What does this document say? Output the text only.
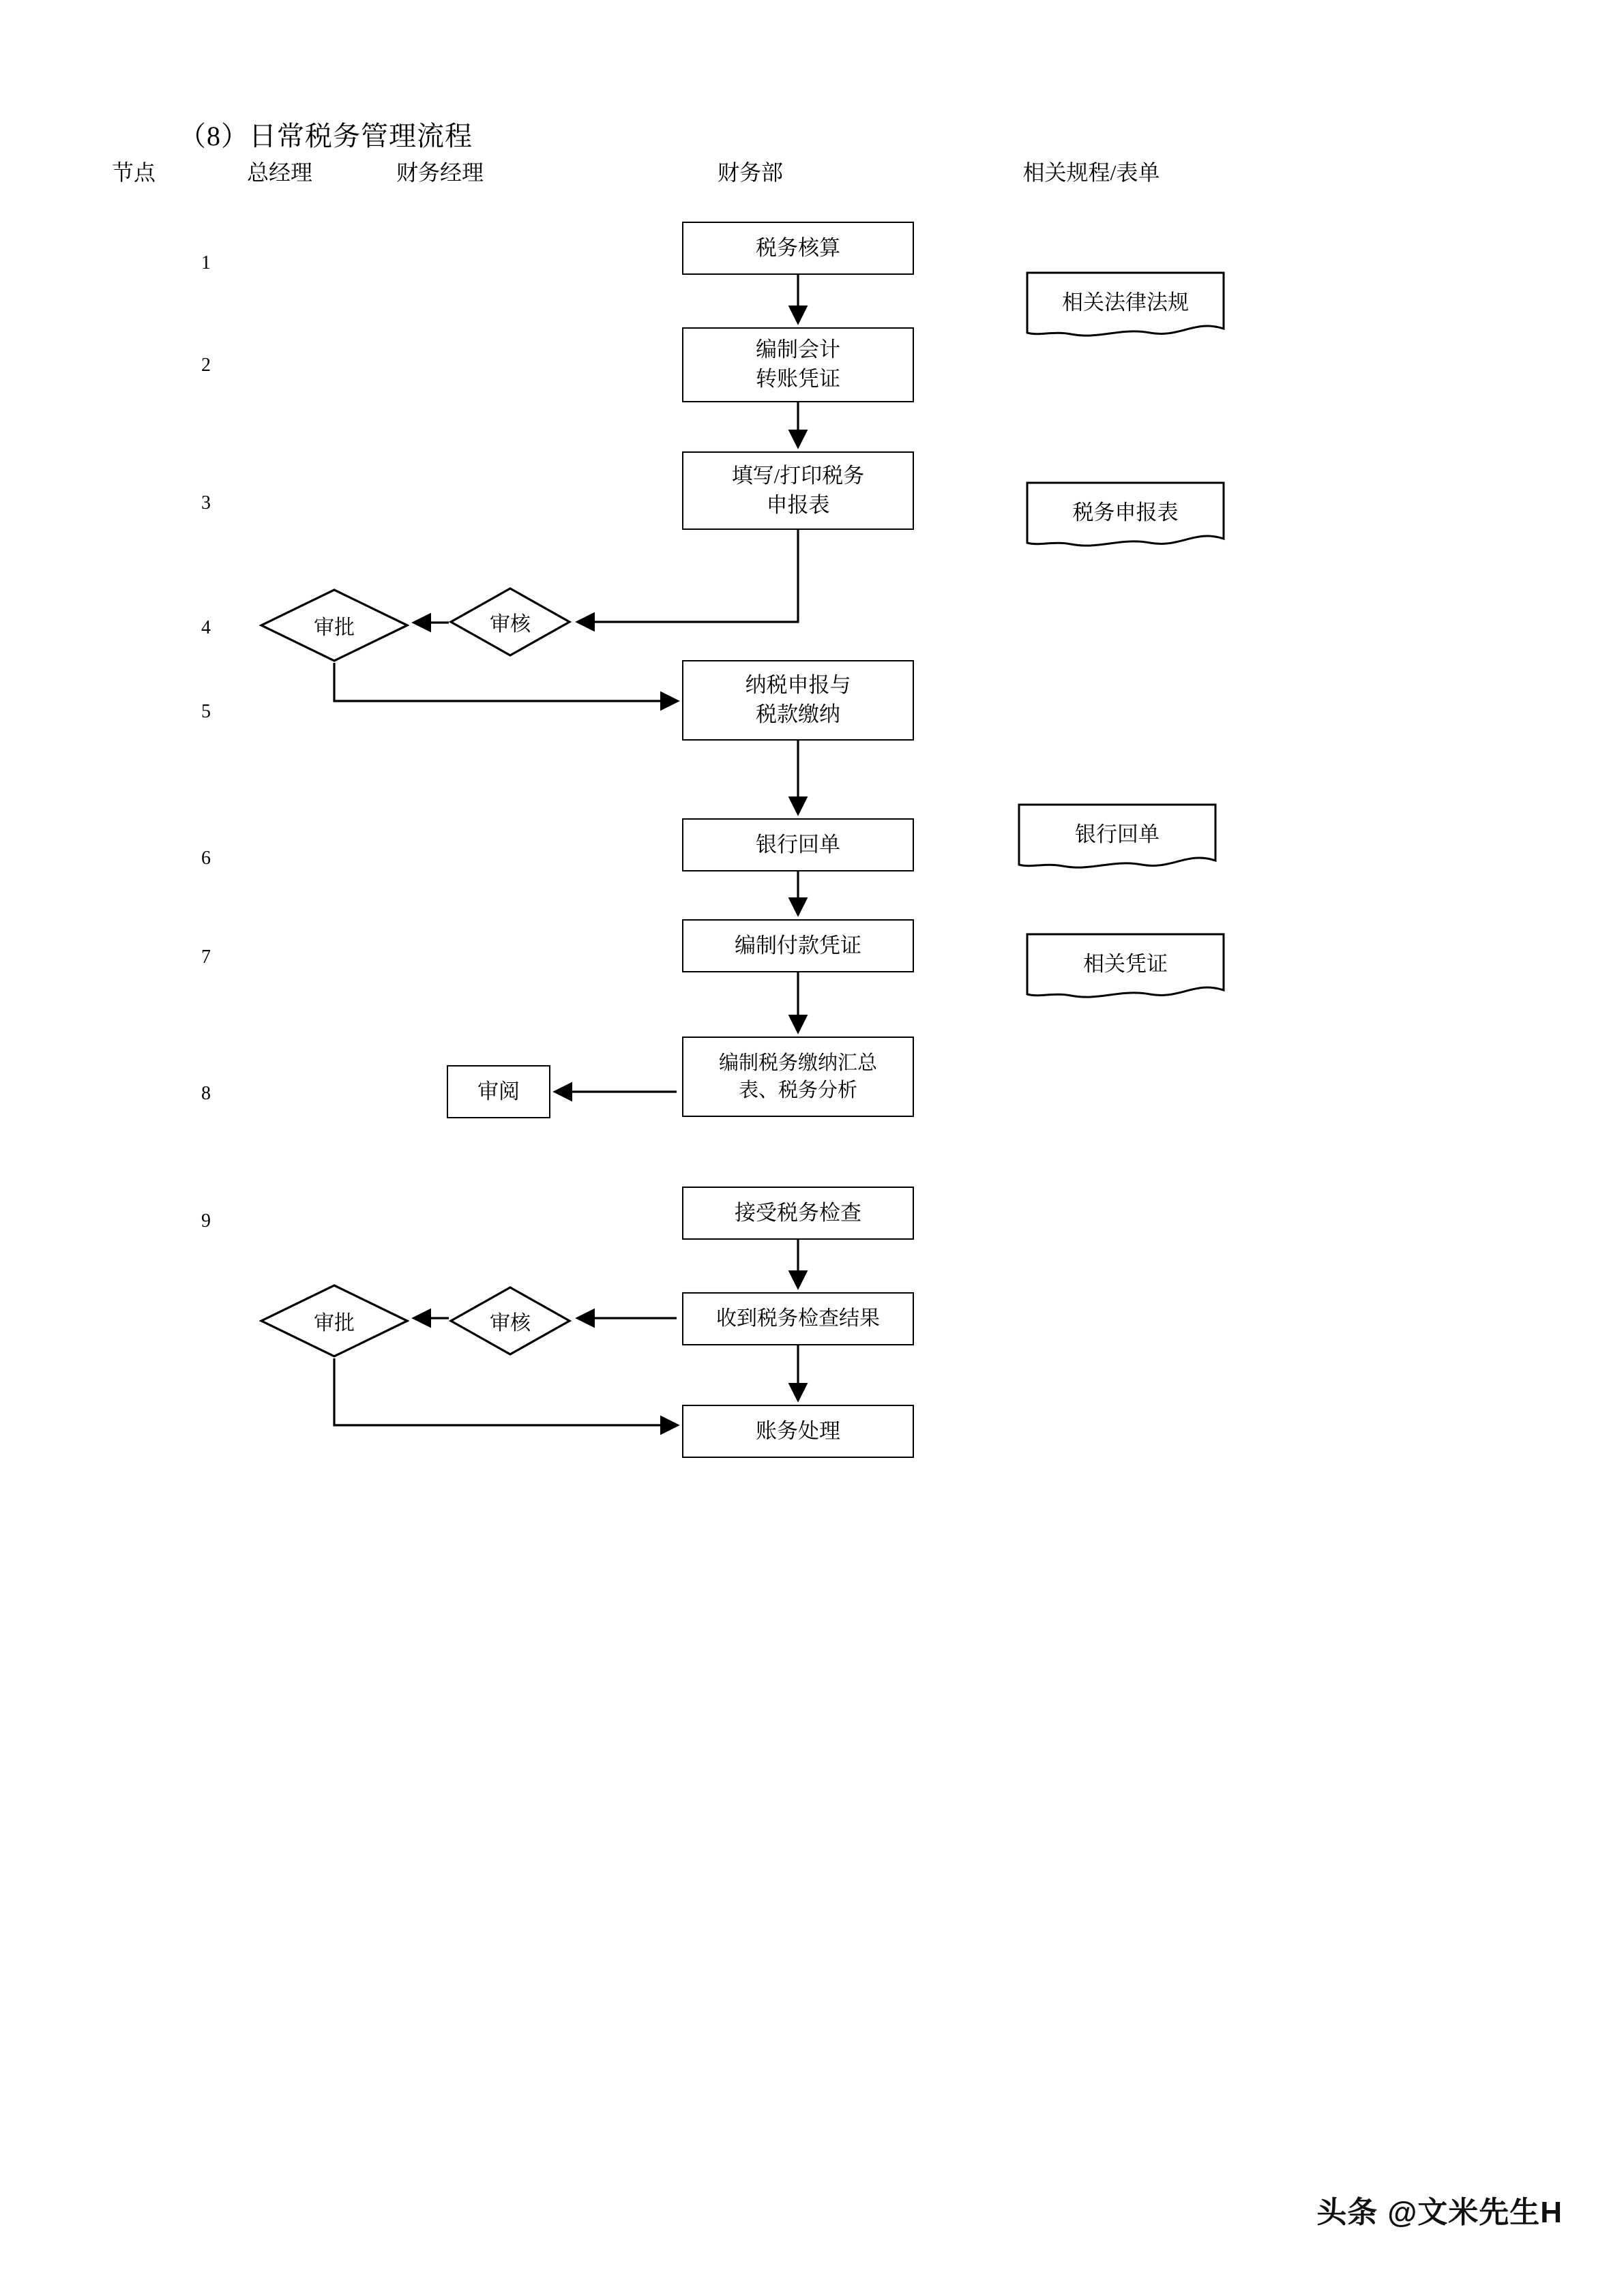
（8）日常税务管理流程
节点	总经理	财务经理	财务部	相关规程/表单
1
2
3
4
5
6
7
8
9
税务核算
编制会计
转账凭证
填写/打印税务
申报表
纳税申报与
税款缴纳
银行回单
编制付款凭证
编制税务缴纳汇总
表、税务分析
接受税务检查
收到税务检查结果
账务处理
审阅
审批	审核
审批	审核
相关法律法规
税务申报表
银行回单
相关凭证
头条 @文米先生H
